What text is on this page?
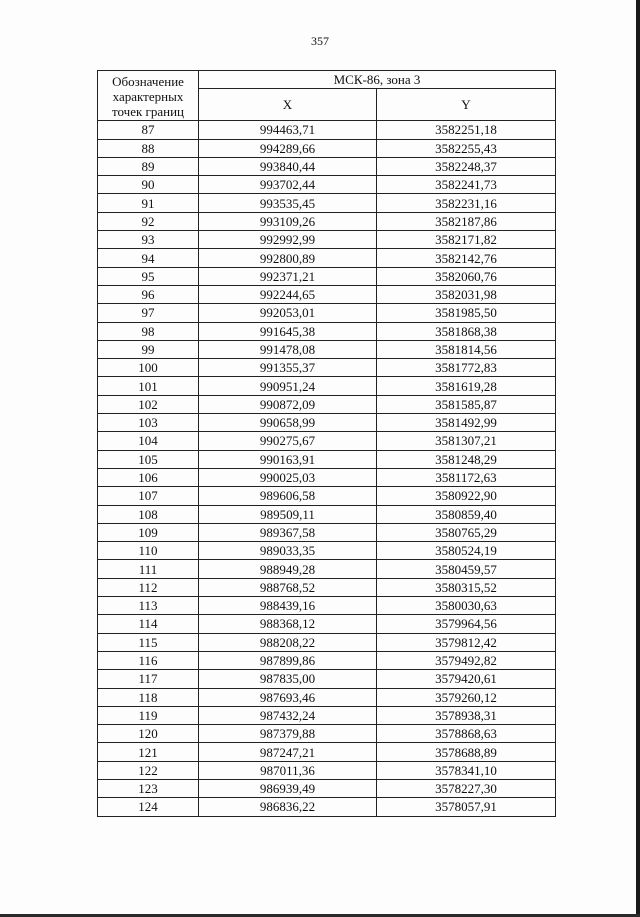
357
Обозначение характерных точек границ	МСК-86, зона 3	
	X	Y
87	994463,71	3582251,18
88	994289,66	3582255,43
89	993840,44	3582248,37
90	993702,44	3582241,73
91	993535,45	3582231,16
92	993109,26	3582187,86
93	992992,99	3582171,82
94	992800,89	3582142,76
95	992371,21	3582060,76
96	992244,65	3582031,98
97	992053,01	3581985,50
98	991645,38	3581868,38
99	991478,08	3581814,56
100	991355,37	3581772,83
101	990951,24	3581619,28
102	990872,09	3581585,87
103	990658,99	3581492,99
104	990275,67	3581307,21
105	990163,91	3581248,29
106	990025,03	3581172,63
107	989606,58	3580922,90
108	989509,11	3580859,40
109	989367,58	3580765,29
110	989033,35	3580524,19
111	988949,28	3580459,57
112	988768,52	3580315,52
113	988439,16	3580030,63
114	988368,12	3579964,56
115	988208,22	3579812,42
116	987899,86	3579492,82
117	987835,00	3579420,61
118	987693,46	3579260,12
119	987432,24	3578938,31
120	987379,88	3578868,63
121	987247,21	3578688,89
122	987011,36	3578341,10
123	986939,49	3578227,30
124	986836,22	3578057,91
